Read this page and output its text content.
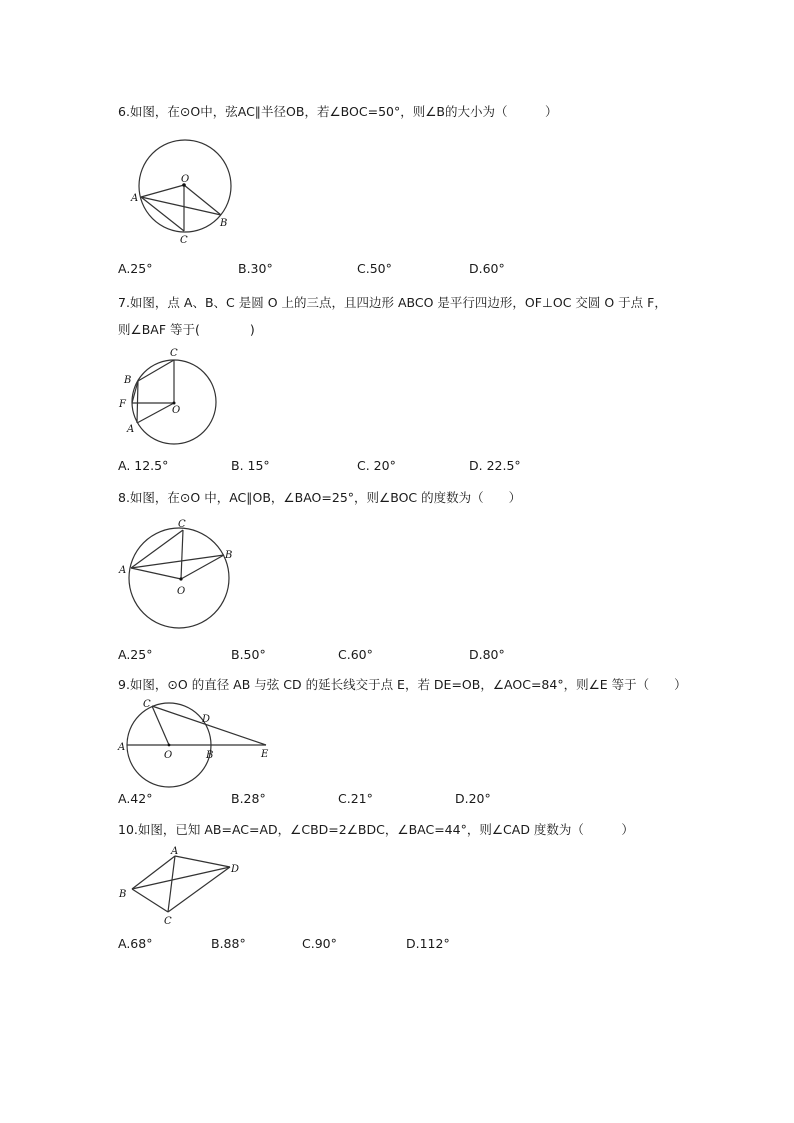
6.如图，在⊙O中，弦AC∥半径OB，若∠BOC=50°，则∠B的大小为（　　　）
O
A
B
C
A.25°	B.30°	C.50°	D.60°
7.如图，点 A、B、C 是圆 O 上的三点，且四边形 ABCO 是平行四边形，OF⊥OC 交圆 O 于点 F，
则∠BAF 等于(　　　　)
C
B
F
O
A
A. 12.5°	B. 15°	C. 20°	D. 22.5°
8.如图，在⊙O 中，AC∥OB，∠BAO=25°，则∠BOC 的度数为（　　）
C
B
A
O
A.25°	B.50°	C.60°	D.80°
9.如图，⊙O 的直径 AB 与弦 CD 的延长线交于点 E，若 DE=OB，∠AOC=84°，则∠E 等于（　　）
C
D
A
O	B	E
A.42°	B.28°	C.21°	D.20°
10.如图，已知 AB=AC=AD，∠CBD=2∠BDC，∠BAC=44°，则∠CAD 度数为（　　　）
A
D
B
C
A.68°	B.88°	C.90°	D.112°
